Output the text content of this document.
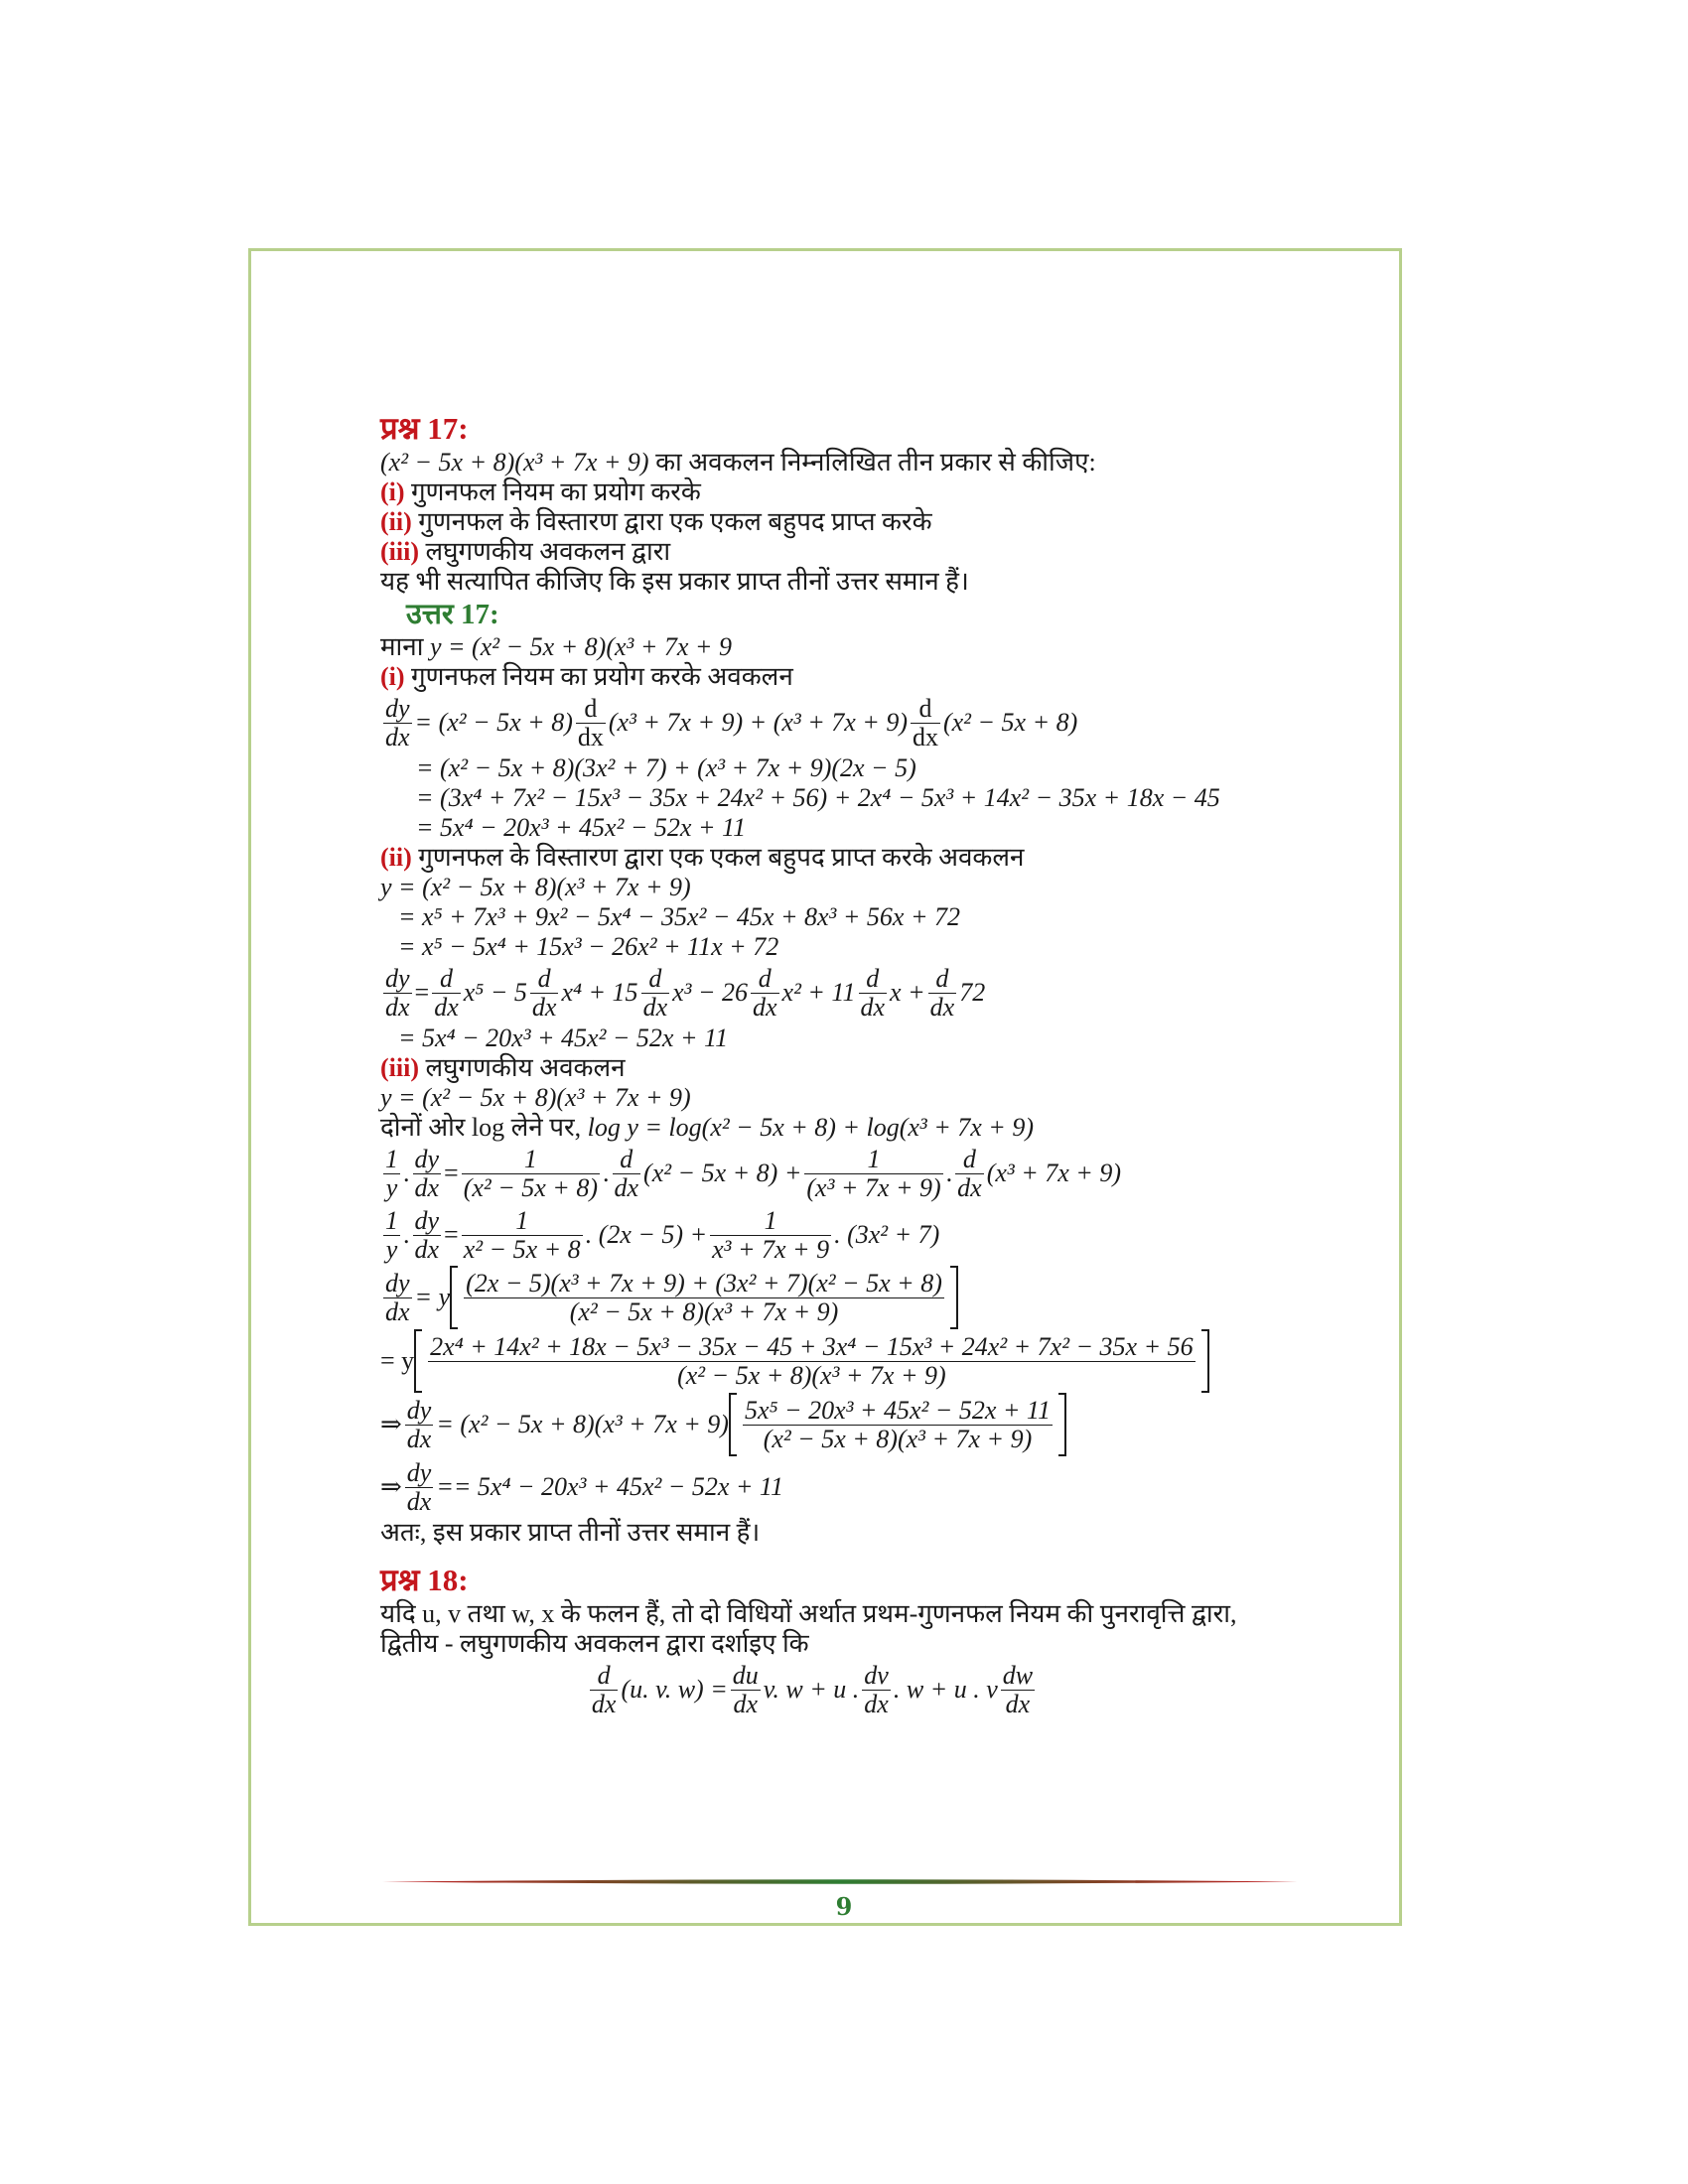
प्रश्न 17:
(x² − 5x + 8)(x³ + 7x + 9) का अवकलन निम्नलिखित तीन प्रकार से कीजिए:
(i) गुणनफल नियम का प्रयोग करके
(ii) गुणनफल के विस्तारण द्वारा एक एकल बहुपद प्राप्त करके
(iii) लघुगणकीय अवकलन द्वारा
यह भी सत्यापित कीजिए कि इस प्रकार प्राप्त तीनों उत्तर समान हैं।
उत्तर 17:
माना y = (x² − 5x + 8)(x³ + 7x + 9
(i) गुणनफल नियम का प्रयोग करके अवकलन
$\frac{dy}{dx} = (x^2 - 5x + 8) \frac{d}{dx} (x^3 + 7x + 9) + (x^3 + 7x + 9) \frac{d}{dx} (x^2 - 5x + 8)$
= (x² − 5x + 8)(3x² + 7) + (x³ + 7x + 9)(2x − 5)
= (3x⁴ + 7x² − 15x³ − 35x + 24x² + 56) + 2x⁴ − 5x³ + 14x² − 35x + 18x − 45
= 5x⁴ − 20x³ + 45x² − 52x + 11
(ii) गुणनफल के विस्तारण द्वारा एक एकल बहुपद प्राप्त करके अवकलन
y = (x² − 5x + 8)(x³ + 7x + 9)
= x⁵ + 7x³ + 9x² − 5x⁴ − 35x² − 45x + 8x³ + 56x + 72
= x⁵ − 5x⁴ + 15x³ − 26x² + 11x + 72
$\frac{dy}{dx} = \frac{d}{dx} x^5 - 5 \frac{d}{dx} x^4 + 15 \frac{d}{dx} x^3 - 26 \frac{d}{dx} x^2 + 11 \frac{d}{dx}$ $x + \frac{d}{dx} 72$
= 5x⁴ − 20x³ + 45x² − 52x + 11
(iii) लघुगणकीय अवकलन
y = (x² − 5x + 8)(x³ + 7x + 9)
दोनों ओर log लेने पर, log y = log(x² − 5x + 8) + log(x³ + 7x + 9)
$\frac{1}{y}$ . $\frac{dy}{dx} = \frac{1}{\text{(x² − 5x + 8)}}$ . $\frac{d}{dx} (x^2 - 5x + 8) + \frac{1}{\text{(x³ + 7x + 9)}}$ . $\frac{d}{dx} (x^3 + 7x + 9)$
$\frac{1}{y}$ . $\frac{dy}{dx} = \frac{1}{\text{x² − 5x + 8}}$ . $(2x - 5) + \frac{1}{\text{x³ + 7x + 9}}$ . (3x² + 7)
$\frac{dy}{dx} = y \frac{\text{(2x − 5)(x³ + 7x + 9) + (3x² + 7)(x² − 5x + 8)}}{\text{(x² − 5x + 8)(x³ + 7x + 9)}}$
= y 2x⁴ + 14x² + 18x − 5x³ − 35x − 45 + 3x⁴ − 15x³ + 24x² + 7x² − 35x + 56
(x² − 5x + 8)(x³ + 7x + 9)
⇒ $\frac{dy}{dx} = (x^2 - 5x + 8)(x^3 + 7x + 9) \frac{\text{5x⁵ − 20x³ + 45x² − 52x + 11}}{\text{(x² − 5x + 8)(x³ + 7x + 9)}}$
⇒ $\frac{dy}{dx} == 5x^4 - 20x^3 + 45x^2 - 52x + 11$
अतः, इस प्रकार प्राप्त तीनों उत्तर समान हैं।
प्रश्न 18:
यदि u, v तथा w, x के फलन हैं, तो दो विधियों अर्थात प्रथम-गुणनफल नियम की पुनरावृत्ति द्वारा,
द्वितीय - लघुगणकीय अवकलन द्वारा दर्शाइए कि
$\frac{d}{dx} (u$. v. $w) = \frac{du}{dx} v$. w + u . $\frac{dv}{dx}$ . w + u . v $\frac{dw}{dx}$
9
